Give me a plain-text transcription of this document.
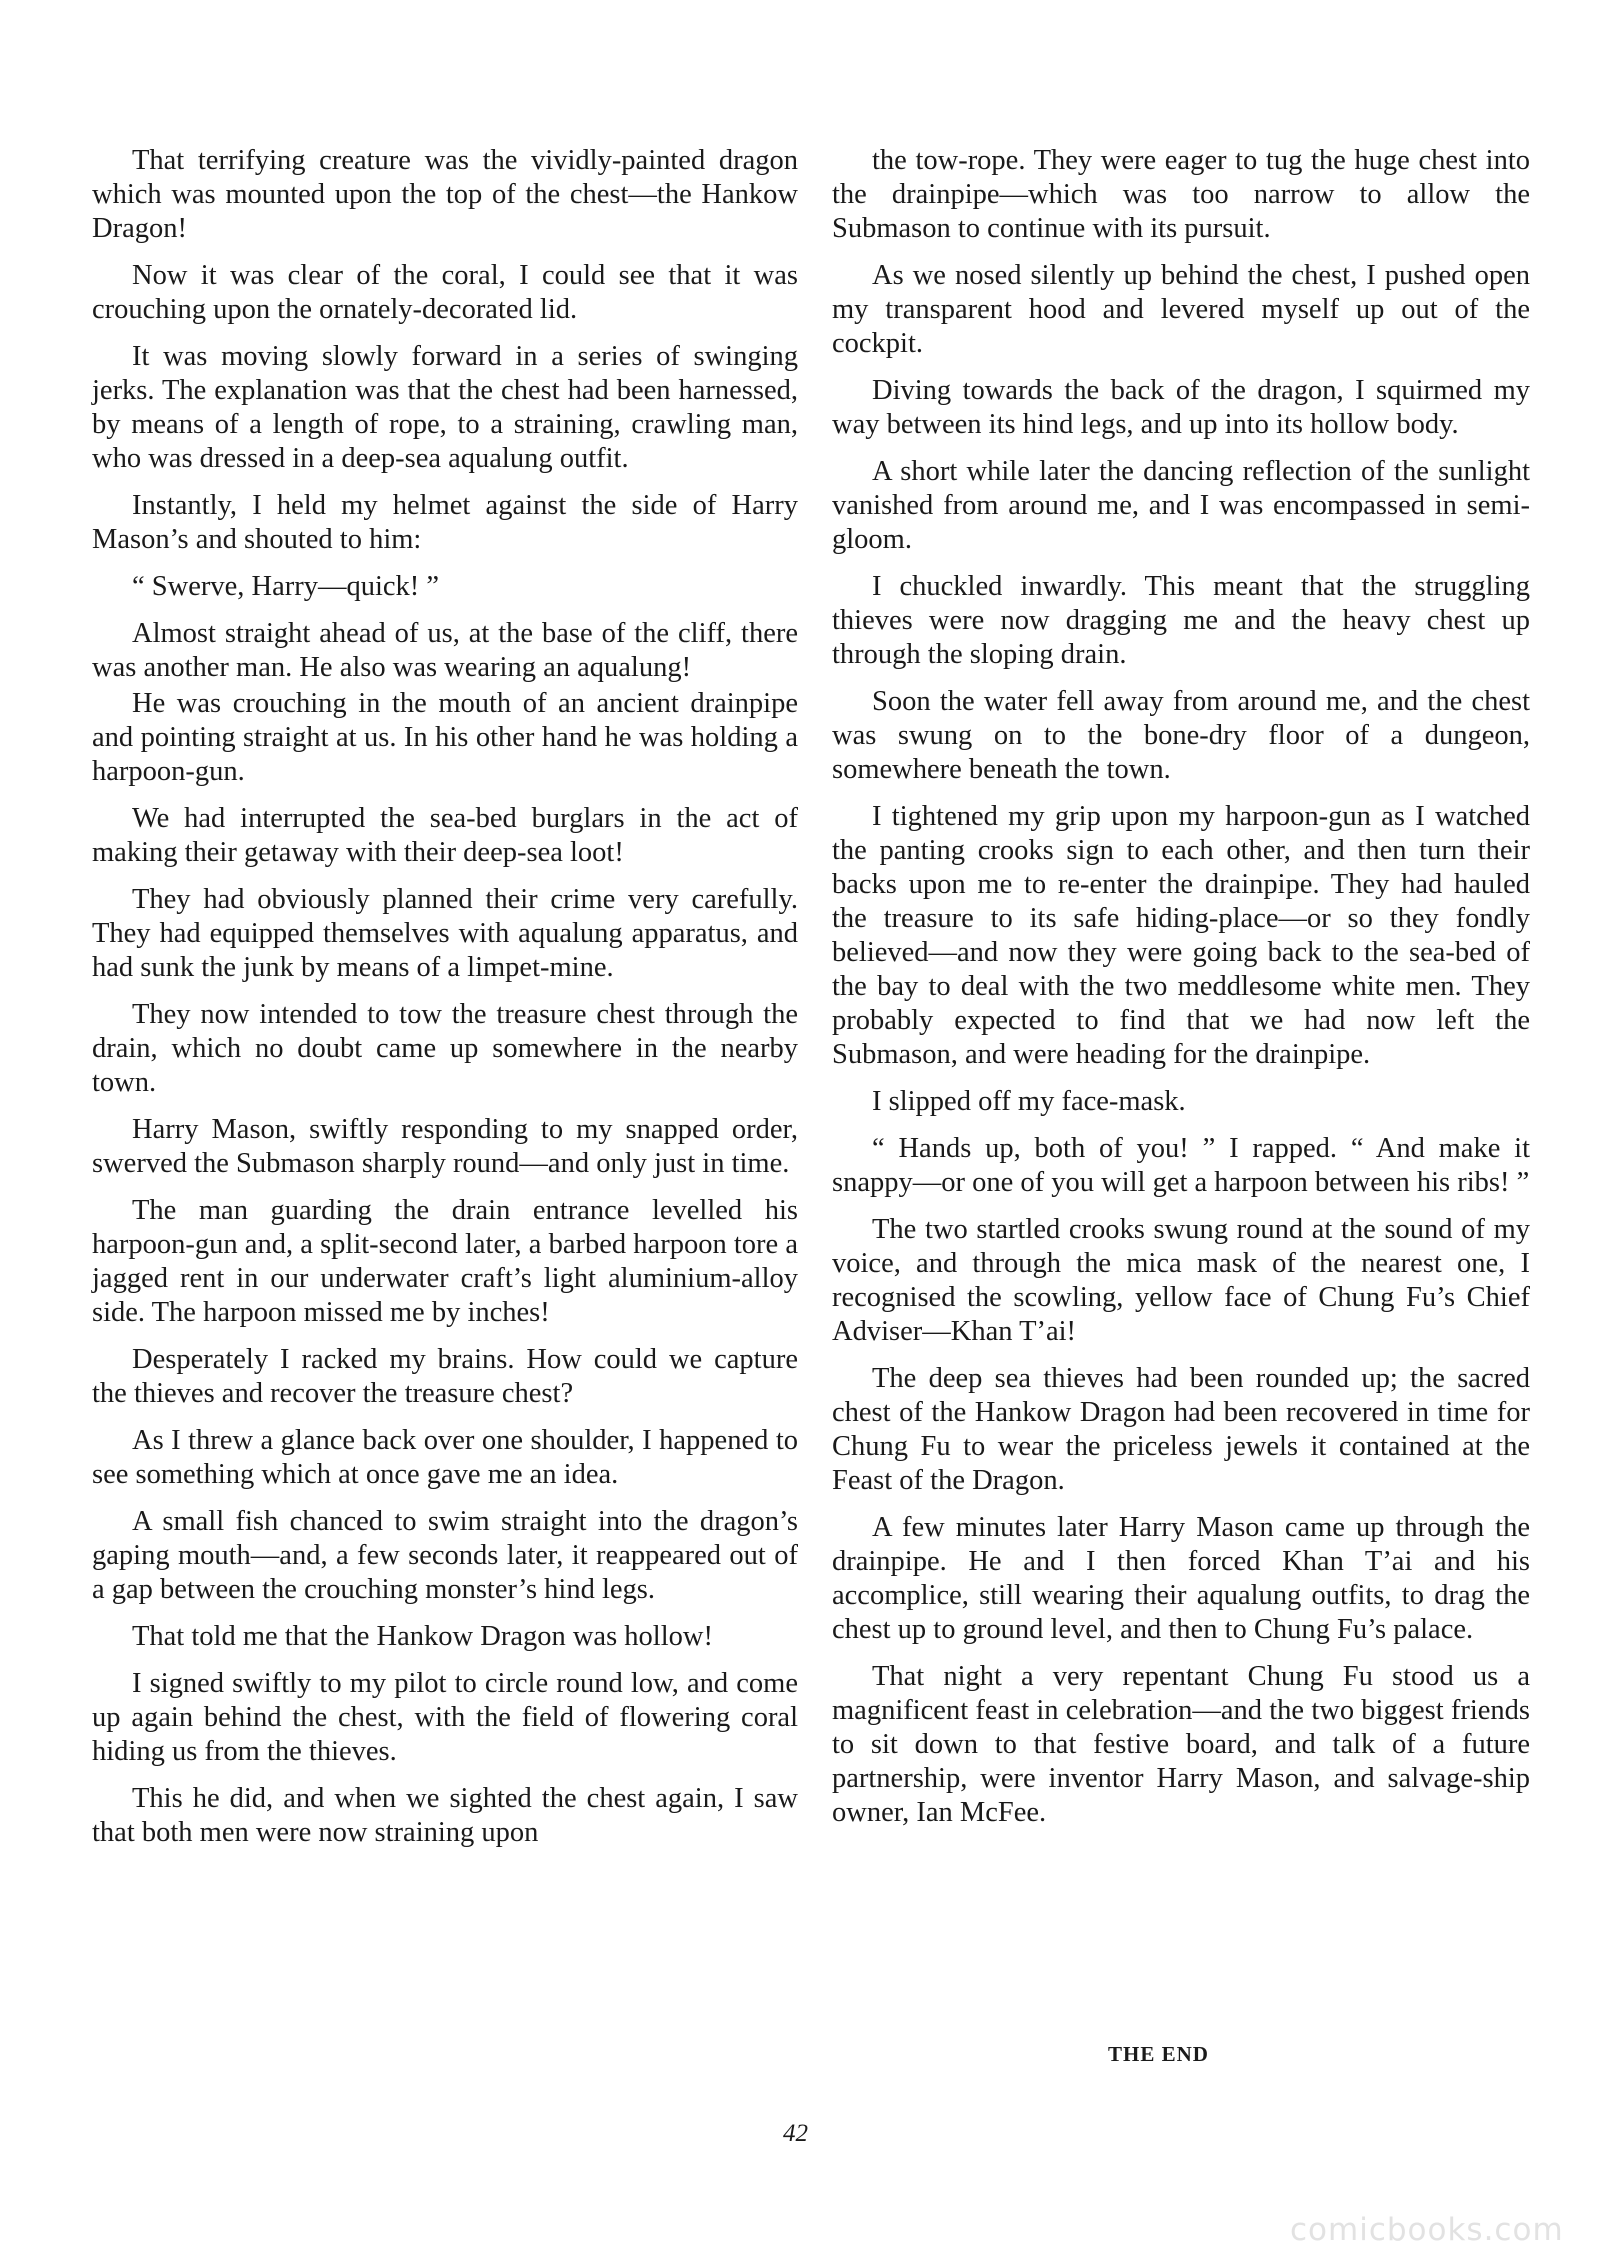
That terrifying creature was the vividly-painted dragon which was mounted upon the top of the chest—the Hankow Dragon!

Now it was clear of the coral, I could see that it was crouching upon the ornately-decorated lid.

It was moving slowly forward in a series of swinging jerks. The explanation was that the chest had been harnessed, by means of a length of rope, to a straining, crawling man, who was dressed in a deep-sea aqualung outfit.

Instantly, I held my helmet against the side of Harry Mason’s and shouted to him:

“ Swerve, Harry—quick! ”

Almost straight ahead of us, at the base of the cliff, there was another man. He also was wearing an aqualung!

He was crouching in the mouth of an ancient drainpipe and pointing straight at us. In his other hand he was holding a harpoon-gun.

We had interrupted the sea-bed burglars in the act of making their getaway with their deep-sea loot!

They had obviously planned their crime very carefully. They had equipped themselves with aqualung apparatus, and had sunk the junk by means of a limpet-mine.

They now intended to tow the treasure chest through the drain, which no doubt came up somewhere in the nearby town.

Harry Mason, swiftly responding to my snapped order, swerved the Submason sharply round—and only just in time.

The man guarding the drain entrance levelled his harpoon-gun and, a split-second later, a barbed harpoon tore a jagged rent in our underwater craft’s light aluminium-alloy side. The harpoon missed me by inches!

Desperately I racked my brains. How could we capture the thieves and recover the treasure chest?

As I threw a glance back over one shoulder, I happened to see something which at once gave me an idea.

A small fish chanced to swim straight into the dragon’s gaping mouth—and, a few seconds later, it reappeared out of a gap between the crouching monster’s hind legs.

That told me that the Hankow Dragon was hollow!

I signed swiftly to my pilot to circle round low, and come up again behind the chest, with the field of flowering coral hiding us from the thieves.

This he did, and when we sighted the chest again, I saw that both men were now straining upon

the tow-rope. They were eager to tug the huge chest into the drainpipe—which was too narrow to allow the Submason to continue with its pursuit.

As we nosed silently up behind the chest, I pushed open my transparent hood and levered myself up out of the cockpit.

Diving towards the back of the dragon, I squirmed my way between its hind legs, and up into its hollow body.

A short while later the dancing reflection of the sunlight vanished from around me, and I was encompassed in semi-gloom.

I chuckled inwardly. This meant that the struggling thieves were now dragging me and the heavy chest up through the sloping drain.

Soon the water fell away from around me, and the chest was swung on to the bone-dry floor of a dungeon, somewhere beneath the town.

I tightened my grip upon my harpoon-gun as I watched the panting crooks sign to each other, and then turn their backs upon me to re-enter the drainpipe. They had hauled the treasure to its safe hiding-place—or so they fondly believed—and now they were going back to the sea-bed of the bay to deal with the two meddlesome white men. They probably expected to find that we had now left the Submason, and were heading for the drainpipe.

I slipped off my face-mask.

“ Hands up, both of you! ” I rapped. “ And make it snappy—or one of you will get a harpoon between his ribs! ”

The two startled crooks swung round at the sound of my voice, and through the mica mask of the nearest one, I recognised the scowling, yellow face of Chung Fu’s Chief Adviser—Khan T’ai!

The deep sea thieves had been rounded up; the sacred chest of the Hankow Dragon had been recovered in time for Chung Fu to wear the priceless jewels it contained at the Feast of the Dragon.

A few minutes later Harry Mason came up through the drainpipe. He and I then forced Khan T’ai and his accomplice, still wearing their aqualung outfits, to drag the chest up to ground level, and then to Chung Fu’s palace.

That night a very repentant Chung Fu stood us a magnificent feast in celebration—and the two biggest friends to sit down to that festive board, and talk of a future partnership, were inventor Harry Mason, and salvage-ship owner, Ian McFee.

THE END
42
comicbooks.com
